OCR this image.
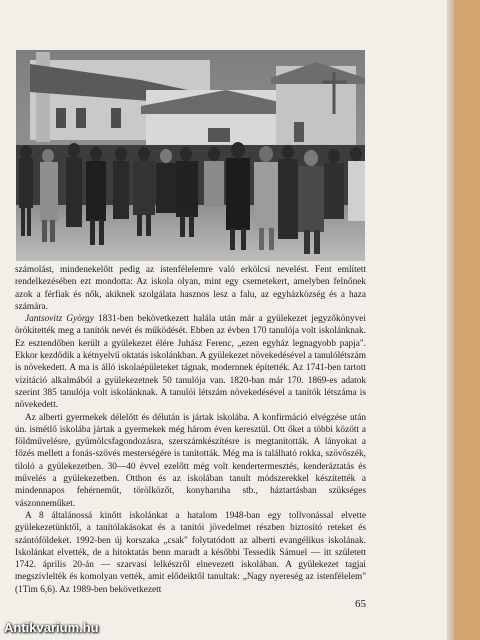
számolást, mindenekelőtt pedig az istenfélelemre való erkölcsi nevelést. Fent említett rendelkezésében ezt mondotta: Az iskola olyan, mint egy csemetekert, amelyben felnőnek azok a férfiak és nők, akiknek szolgálata hasznos lesz a falu, az egyházközség és a haza számára.

Jantsovitz György 1831-ben bekövetkezett halála után már a gyülekezet jegyzőkönyvei örökítették meg a tanítók nevét és működését. Ebben az évben 170 tanulója volt iskolánknak. Ez esztendőben került a gyülekezet élére Juhász Ferenc, „ezen egyház legnagyobb papja". Ekkor kezdődik a kétnyelvű oktatás iskolánkban. A gyülekezet növekedésével a tanulólétszám is növekedett. A ma is álló iskolaépületeket tágnak, modernnek építették. Az 1741-ben tartott vizitáció alkalmából a gyülekezetnek 50 tanulója van. 1820-ban már 170. 1869-es adatok szerint 385 tanulója volt iskolánknak. A tanulói létszám növekedésével a tanítók létszáma is növekedett.

Az alberti gyermekek délelőtt és délután is jártak iskolába. A konfirmáció elvégzése után ún. ismétlő iskolába jártak a gyermekek még három éven keresztül. Ott őket a többi között a földművelésre, gyümölcsfagondozásra, szerszámkészítésre is megtanították. A lányokat a főzés mellett a fonás-szövés mesterségére is tanították. Még ma is található rokka, szövőszék, tiloló a gyülekezetben. 30—40 évvel ezelőtt még volt kendertermesztés, kenderáztatás és művelés a gyülekezetben. Otthon és az iskolában tanult módszerekkel készítették a mindennapos fehérneműt, törölközőt, konyharuha stb., háztartásban szükséges vászonneműket.

A 8 általánossá kinőtt iskolánkat a hatalom 1948-ban egy tollvonással elvette gyülekezetünktől, a tanítólakásokat és a tanítói jövedelmet részben biztosító reteket és szántóföldeket. 1992-ben új korszaka „csak" folytatódott az alberti evangélikus iskolának. Iskolánkat elvették, de a hitoktatás benn maradt a későbbi Tessedik Sámuel — itt született 1742. április 20-án — szarvasi lelkészről elnevezett iskolában. A gyülekezet tagjai megszívlelték és komolyan vették, amit elődeiktől tanultak: „Nagy nyereség az istenfélelem" (1Tim 6,6). Az 1989-ben bekövetkezett

65
Antikvarium.hu
